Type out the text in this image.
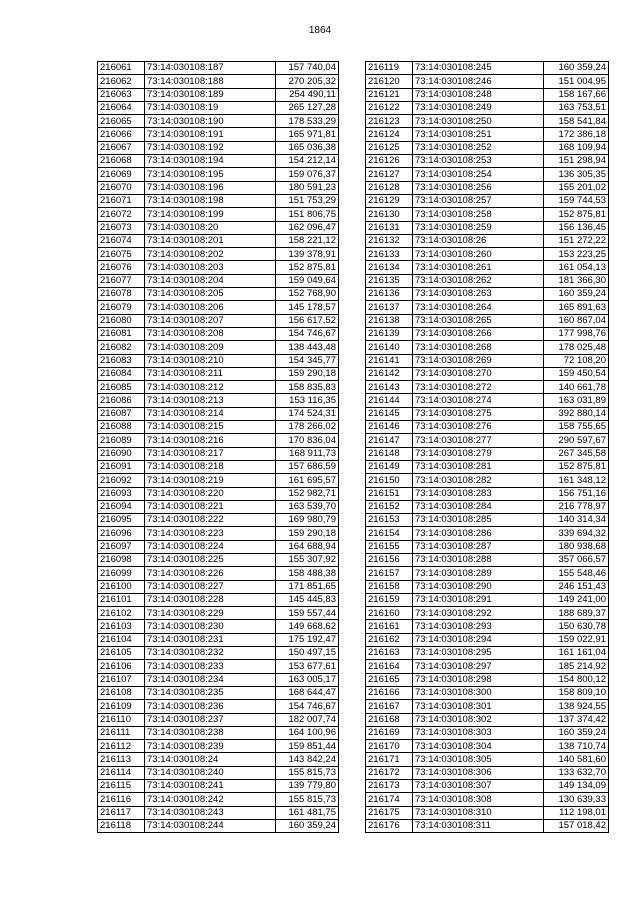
1864
216061	73:14:030108:187	157 740,04
216062	73:14:030108:188	270 205,32
216063	73:14:030108:189	254 490,11
216064	73:14:030108:19	265 127,28
216065	73:14:030108:190	178 533,29
216066	73:14:030108:191	165 971,81
216067	73:14:030108:192	165 036,38
216068	73:14:030108:194	154 212,14
216069	73:14:030108:195	159 076,37
216070	73:14:030108:196	180 591,23
216071	73:14:030108:198	151 753,29
216072	73:14:030108:199	151 806,75
216073	73:14:030108:20	162 096,47
216074	73:14:030108:201	158 221,12
216075	73:14:030108:202	139 378,91
216076	73:14:030108:203	152 875,81
216077	73:14:030108:204	159 049,64
216078	73:14:030108:205	152 768,90
216079	73:14:030108:206	145 178,57
216080	73:14:030108:207	156 617,52
216081	73:14:030108:208	154 746,67
216082	73:14:030108:209	138 443,48
216083	73:14:030108:210	154 345,77
216084	73:14:030108:211	159 290,18
216085	73:14:030108:212	158 835,83
216086	73:14:030108:213	153 116,35
216087	73:14:030108:214	174 524,31
216088	73:14:030108:215	178 266,02
216089	73:14:030108:216	170 836,04
216090	73:14:030108:217	168 911,73
216091	73:14:030108:218	157 686,59
216092	73:14:030108:219	161 695,57
216093	73:14:030108:220	152 982,71
216094	73:14:030108:221	163 539,70
216095	73:14:030108:222	169 980,79
216096	73:14:030108:223	159 290,18
216097	73:14:030108:224	164 688,94
216098	73:14:030108:225	155 307,92
216099	73:14:030108:226	158 488,38
216100	73:14:030108:227	171 851,65
216101	73:14:030108:228	145 445,83
216102	73:14:030108:229	159 557,44
216103	73:14:030108:230	149 668,62
216104	73:14:030108:231	175 192,47
216105	73:14:030108:232	150 497,15
216106	73:14:030108:233	153 677,61
216107	73:14:030108:234	163 005,17
216108	73:14:030108:235	168 644,47
216109	73:14:030108:236	154 746,67
216110	73:14:030108:237	182 007,74
216111	73:14:030108:238	164 100,96
216112	73:14:030108:239	159 851,44
216113	73:14:030108:24	143 842,24
216114	73:14:030108:240	155 815,73
216115	73:14:030108:241	139 779,80
216116	73:14:030108:242	155 815,73
216117	73:14:030108:243	161 481,75
216118	73:14:030108:244	160 359,24
216119	73:14:030108:245	160 359,24
216120	73:14:030108:246	151 004,95
216121	73:14:030108:248	158 167,66
216122	73:14:030108:249	163 753,51
216123	73:14:030108:250	158 541,84
216124	73:14:030108:251	172 386,18
216125	73:14:030108:252	168 109,94
216126	73:14:030108:253	151 298,94
216127	73:14:030108:254	136 305,35
216128	73:14:030108:256	155 201,02
216129	73:14:030108:257	159 744,53
216130	73:14:030108:258	152 875,81
216131	73:14:030108:259	156 136,45
216132	73:14:030108:26	151 272,22
216133	73:14:030108:260	153 223,25
216134	73:14:030108:261	161 054,13
216135	73:14:030108:262	181 366,30
216136	73:14:030108:263	160 359,24
216137	73:14:030108:264	165 891,63
216138	73:14:030108:265	160 867,04
216139	73:14:030108:266	177 998,76
216140	73:14:030108:268	178 025,48
216141	73:14:030108:269	72 108,20
216142	73:14:030108:270	159 450,54
216143	73:14:030108:272	140 661,78
216144	73:14:030108:274	163 031,89
216145	73:14:030108:275	392 880,14
216146	73:14:030108:276	158 755,65
216147	73:14:030108:277	290 597,67
216148	73:14:030108:279	267 345,58
216149	73:14:030108:281	152 875,81
216150	73:14:030108:282	161 348,12
216151	73:14:030108:283	156 751,16
216152	73:14:030108:284	216 778,97
216153	73:14:030108:285	140 314,34
216154	73:14:030108:286	339 694,32
216155	73:14:030108:287	180 938,68
216156	73:14:030108:288	357 066,57
216157	73:14:030108:289	155 548,46
216158	73:14:030108:290	246 151,43
216159	73:14:030108:291	149 241,00
216160	73:14:030108:292	188 689,37
216161	73:14:030108:293	150 630,78
216162	73:14:030108:294	159 022,91
216163	73:14:030108:295	161 161,04
216164	73:14:030108:297	185 214,92
216165	73:14:030108:298	154 800,12
216166	73:14:030108:300	158 809,10
216167	73:14:030108:301	138 924,55
216168	73:14:030108:302	137 374,42
216169	73:14:030108:303	160 359,24
216170	73:14:030108:304	138 710,74
216171	73:14:030108:305	140 581,60
216172	73:14:030108:306	133 632,70
216173	73:14:030108:307	149 134,09
216174	73:14:030108:308	130 639,33
216175	73:14:030108:310	112 198,01
216176	73:14:030108:311	157 018,42
